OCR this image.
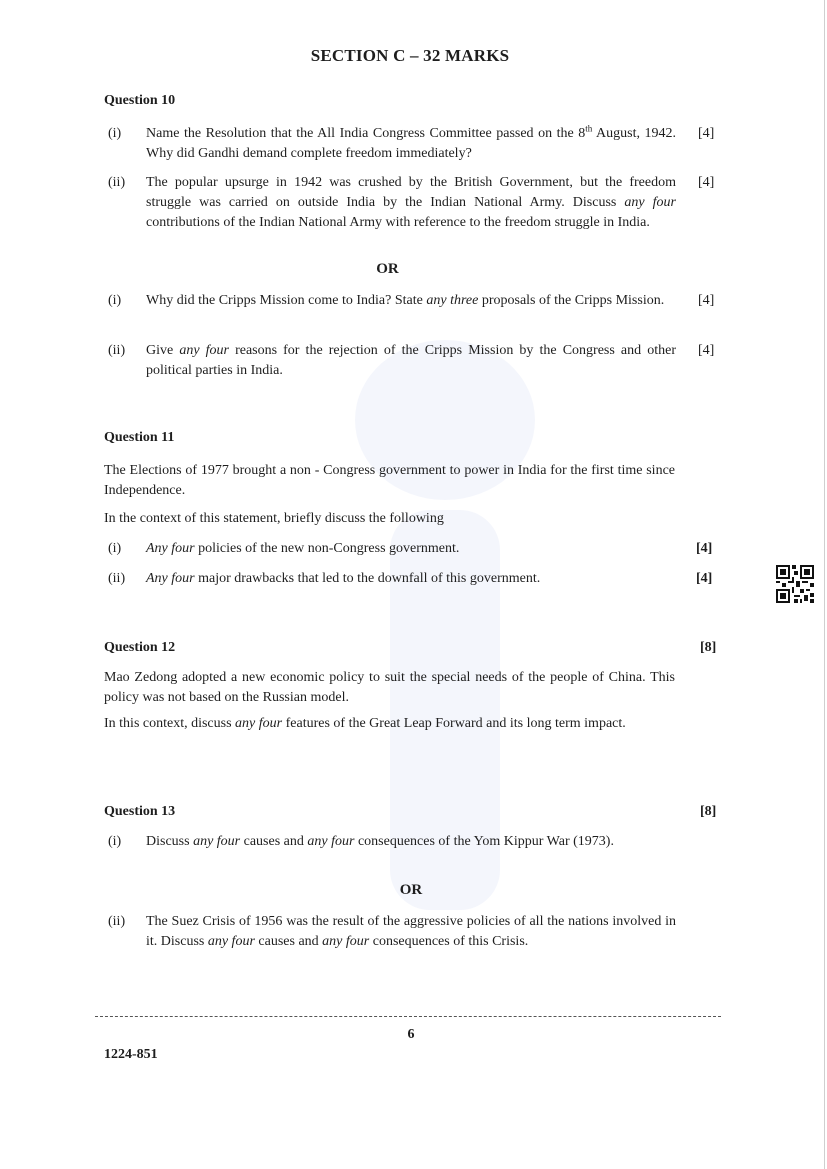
SECTION C – 32 MARKS
Question 10
(i) Name the Resolution that the All India Congress Committee passed on the 8th August, 1942. Why did Gandhi demand complete freedom immediately?
[4]
(ii) The popular upsurge in 1942 was crushed by the British Government, but the freedom struggle was carried on outside India by the Indian National Army. Discuss any four contributions of the Indian National Army with reference to the freedom struggle in India.
[4]
OR
(i) Why did the Cripps Mission come to India? State any three proposals of the Cripps Mission.	[4]
(ii) Give any four reasons for the rejection of the Cripps Mission by the Congress and other political parties in India.
[4]
Question 11
The Elections of 1977 brought a non - Congress government to power in India for the first time since Independence.
In the context of this statement, briefly discuss the following
(i) Any four policies of the new non-Congress government.	[4]
(ii) Any four major drawbacks that led to the downfall of this government.	[4]
Question 12	[8]
Mao Zedong adopted a new economic policy to suit the special needs of the people of China. This policy was not based on the Russian model.
In this context, discuss any four features of the Great Leap Forward and its long term impact.
Question 13	[8]
(i) Discuss any four causes and any four consequences of the Yom Kippur War (1973).
OR
(ii) The Suez Crisis of 1956 was the result of the aggressive policies of all the nations involved in it. Discuss any four causes and any four consequences of this Crisis.
6
1224-851
